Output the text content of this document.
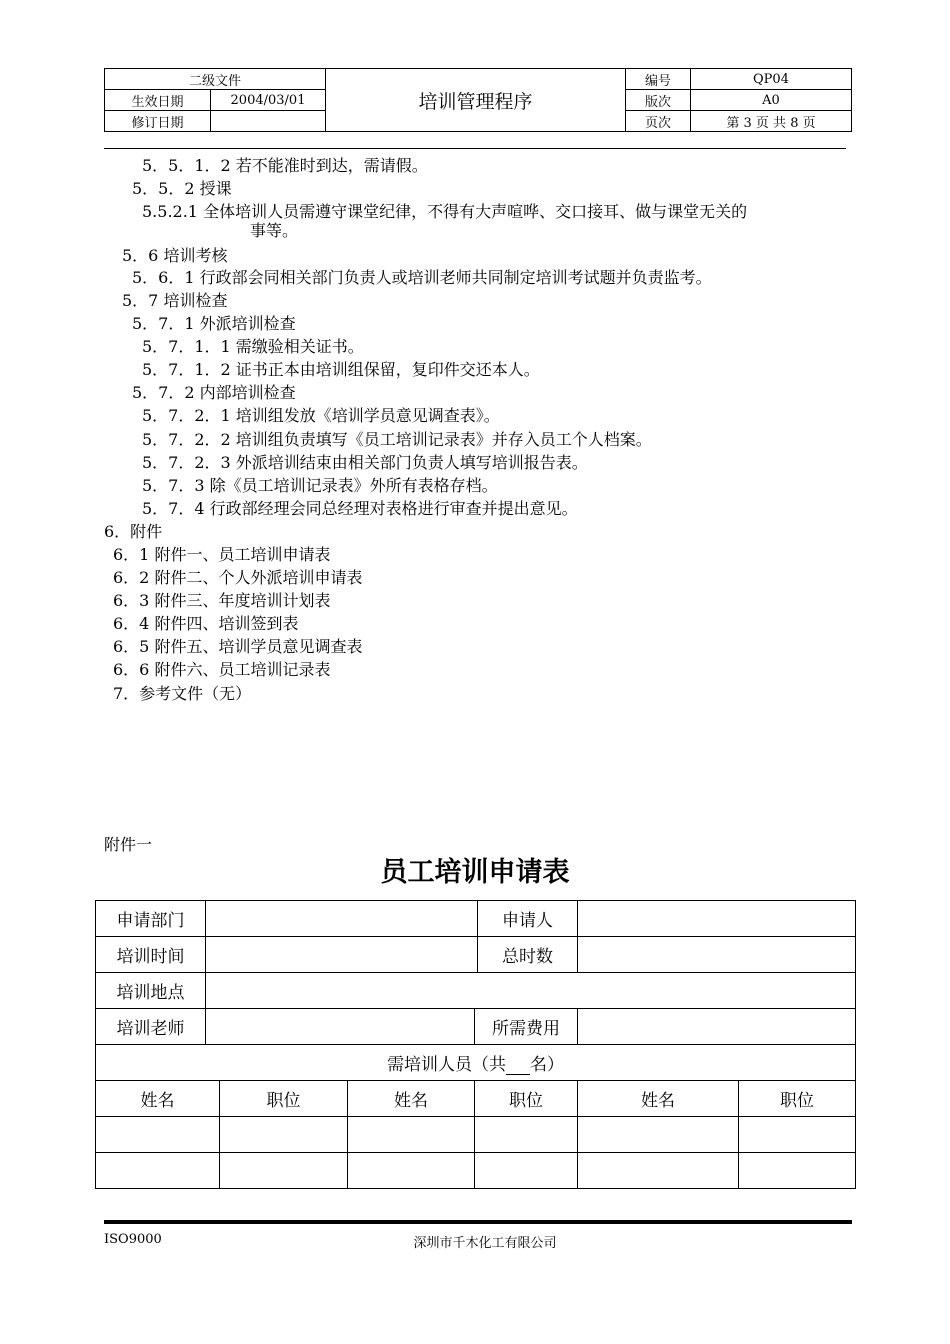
二级文件		培训管理程序	编号	QP04
生效日期	2004/03/01		版次	A0
修订日期			页次	第 3 页 共 8 页
5．5．1．2 若不能准时到达，需请假。
5．5．2 授课
5.5.2.1 全体培训人员需遵守课堂纪律，不得有大声喧哗、交口接耳、做与课堂无关的
事等。
5．6 培训考核
5．6．1 行政部会同相关部门负责人或培训老师共同制定培训考试题并负责监考。
5．7 培训检查
5．7．1 外派培训检查
5．7．1．1 需缴验相关证书。
5．7．1．2 证书正本由培训组保留，复印件交还本人。
5．7．2 内部培训检查
5．7．2．1 培训组发放《培训学员意见调查表》。
5．7．2．2 培训组负责填写《员工培训记录表》并存入员工个人档案。
5．7．2．3 外派培训结束由相关部门负责人填写培训报告表。
5．7．3 除《员工培训记录表》外所有表格存档。
5．7．4 行政部经理会同总经理对表格进行审查并提出意见。
6．附件
6．1 附件一、员工培训申请表
6．2 附件二、个人外派培训申请表
6．3 附件三、年度培训计划表
6．4 附件四、培训签到表
6．5 附件五、培训学员意见调查表
6．6 附件六、员工培训记录表
7．参考文件（无）
附件一
员工培训申请表
申请部门					申请人		
培训时间					总时数		
培训地点							
培训老师				所需费用			
需培训人员（共 名）							
姓名		职位	姓名	职位		姓名	职位

ISO9000	深圳市千木化工有限公司
